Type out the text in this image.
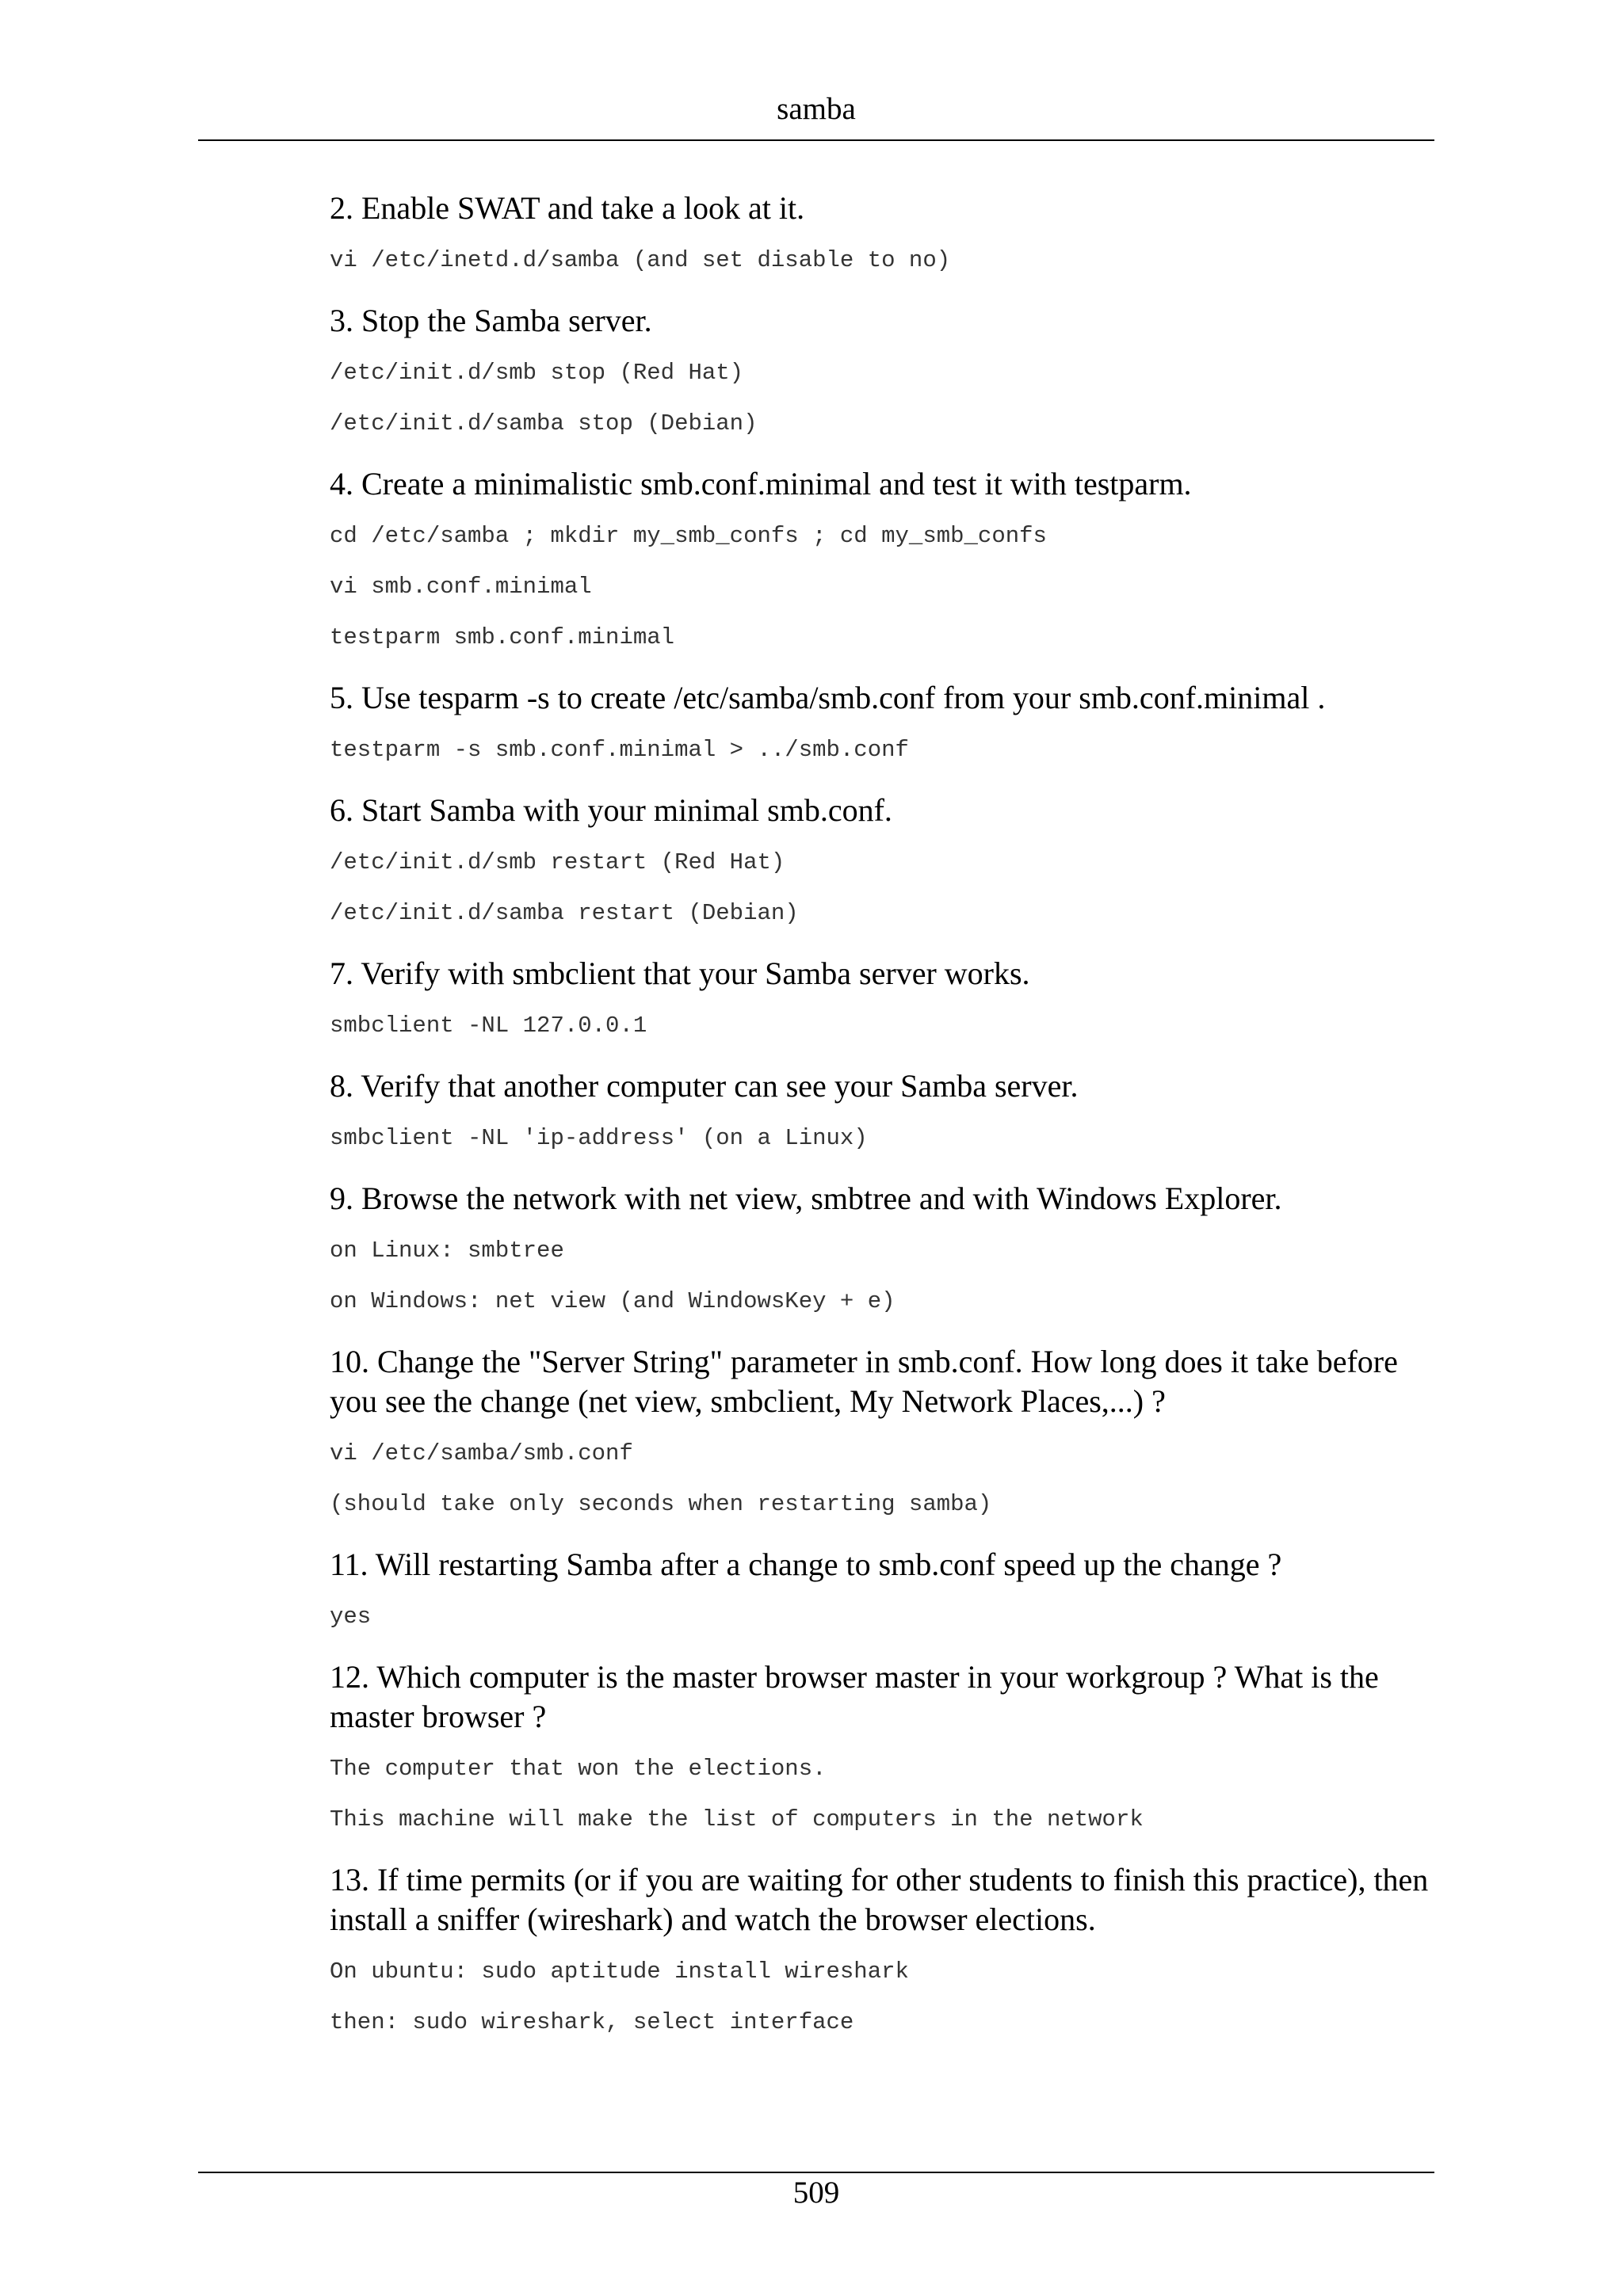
samba
2. Enable SWAT and take a look at it.
vi /etc/inetd.d/samba (and set disable to no)
3. Stop the Samba server.
/etc/init.d/smb stop (Red Hat)
/etc/init.d/samba stop (Debian)
4. Create a minimalistic smb.conf.minimal and test it with testparm.
cd /etc/samba ; mkdir my_smb_confs ; cd my_smb_confs
vi smb.conf.minimal
testparm smb.conf.minimal
5. Use tesparm -s to create /etc/samba/smb.conf from your smb.conf.minimal .
testparm -s smb.conf.minimal > ../smb.conf
6. Start Samba with your minimal smb.conf.
/etc/init.d/smb restart (Red Hat)
/etc/init.d/samba restart (Debian)
7. Verify with smbclient that your Samba server works.
smbclient -NL 127.0.0.1
8. Verify that another computer can see your Samba server.
smbclient -NL 'ip-address' (on a Linux)
9. Browse the network with net view, smbtree and with Windows Explorer.
on Linux: smbtree
on Windows: net view (and WindowsKey + e)
10. Change the "Server String" parameter in smb.conf. How long does it take before you see the change (net view, smbclient, My Network Places,...) ?
vi /etc/samba/smb.conf
(should take only seconds when restarting samba)
11. Will restarting Samba after a change to smb.conf speed up the change ?
yes
12. Which computer is the master browser master in your workgroup ? What is the master browser ?
The computer that won the elections.
This machine will make the list of computers in the network
13. If time permits (or if you are waiting for other students to finish this practice), then install a sniffer (wireshark) and watch the browser elections.
On ubuntu: sudo aptitude install wireshark
then: sudo wireshark, select interface
509
